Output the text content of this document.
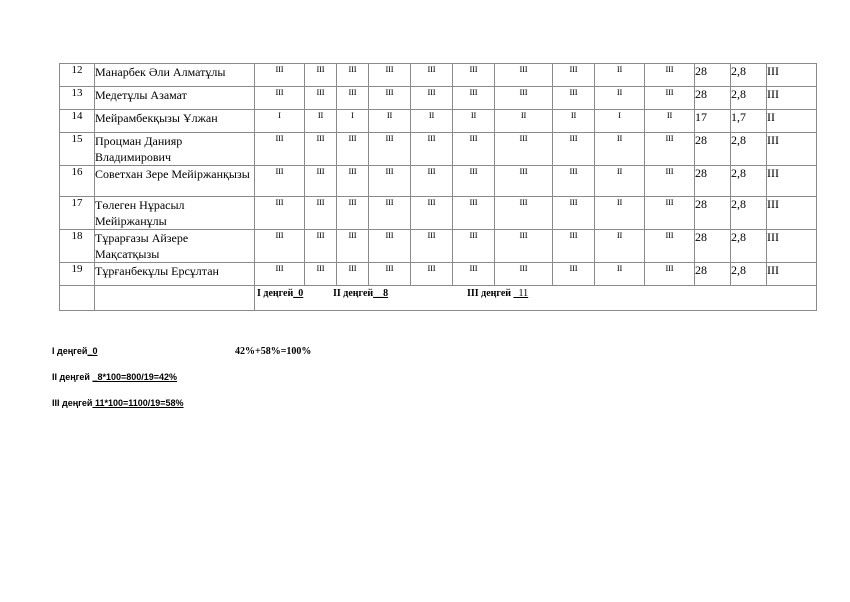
12	Манарбек Әли Алматұлы	III	III	III	III	III	III	III	III	II	III	28	2,8	III
13	Медетұлы Азамат	III	III	III	III	III	III	III	III	II	III	28	2,8	III
14	Мейрамбекқызы Ұлжан	I	II	I	II	II	II	II	II	I	II	17	1,7	II
15	Процман Данияр Владимирович	III	III	III	III	III	III	III	III	II	III	28	2,8	III
16	Советхан Зере Мейіржанқызы	III	III	III	III	III	III	III	III	II	III	28	2,8	III
17	Төлеген Нұрасыл Мейіржанұлы	III	III	III	III	III	III	III	III	II	III	28	2,8	III
18	Тұрарғазы Айзере Мақсатқызы	III	III	III	III	III	III	III	III	II	III	28	2,8	III
19	Тұрғанбекұлы Ерсұлтан	III	III	III	III	III	III	III	III	II	III	28	2,8	III

		І деңгей_0 ІІ деңгей__8 ІІІ деңгей _11												
I деңгей_0	42%+58%=100%
II деңгей _8*100=800/19=42%
III деңгей 11*100=1100/19=58%
